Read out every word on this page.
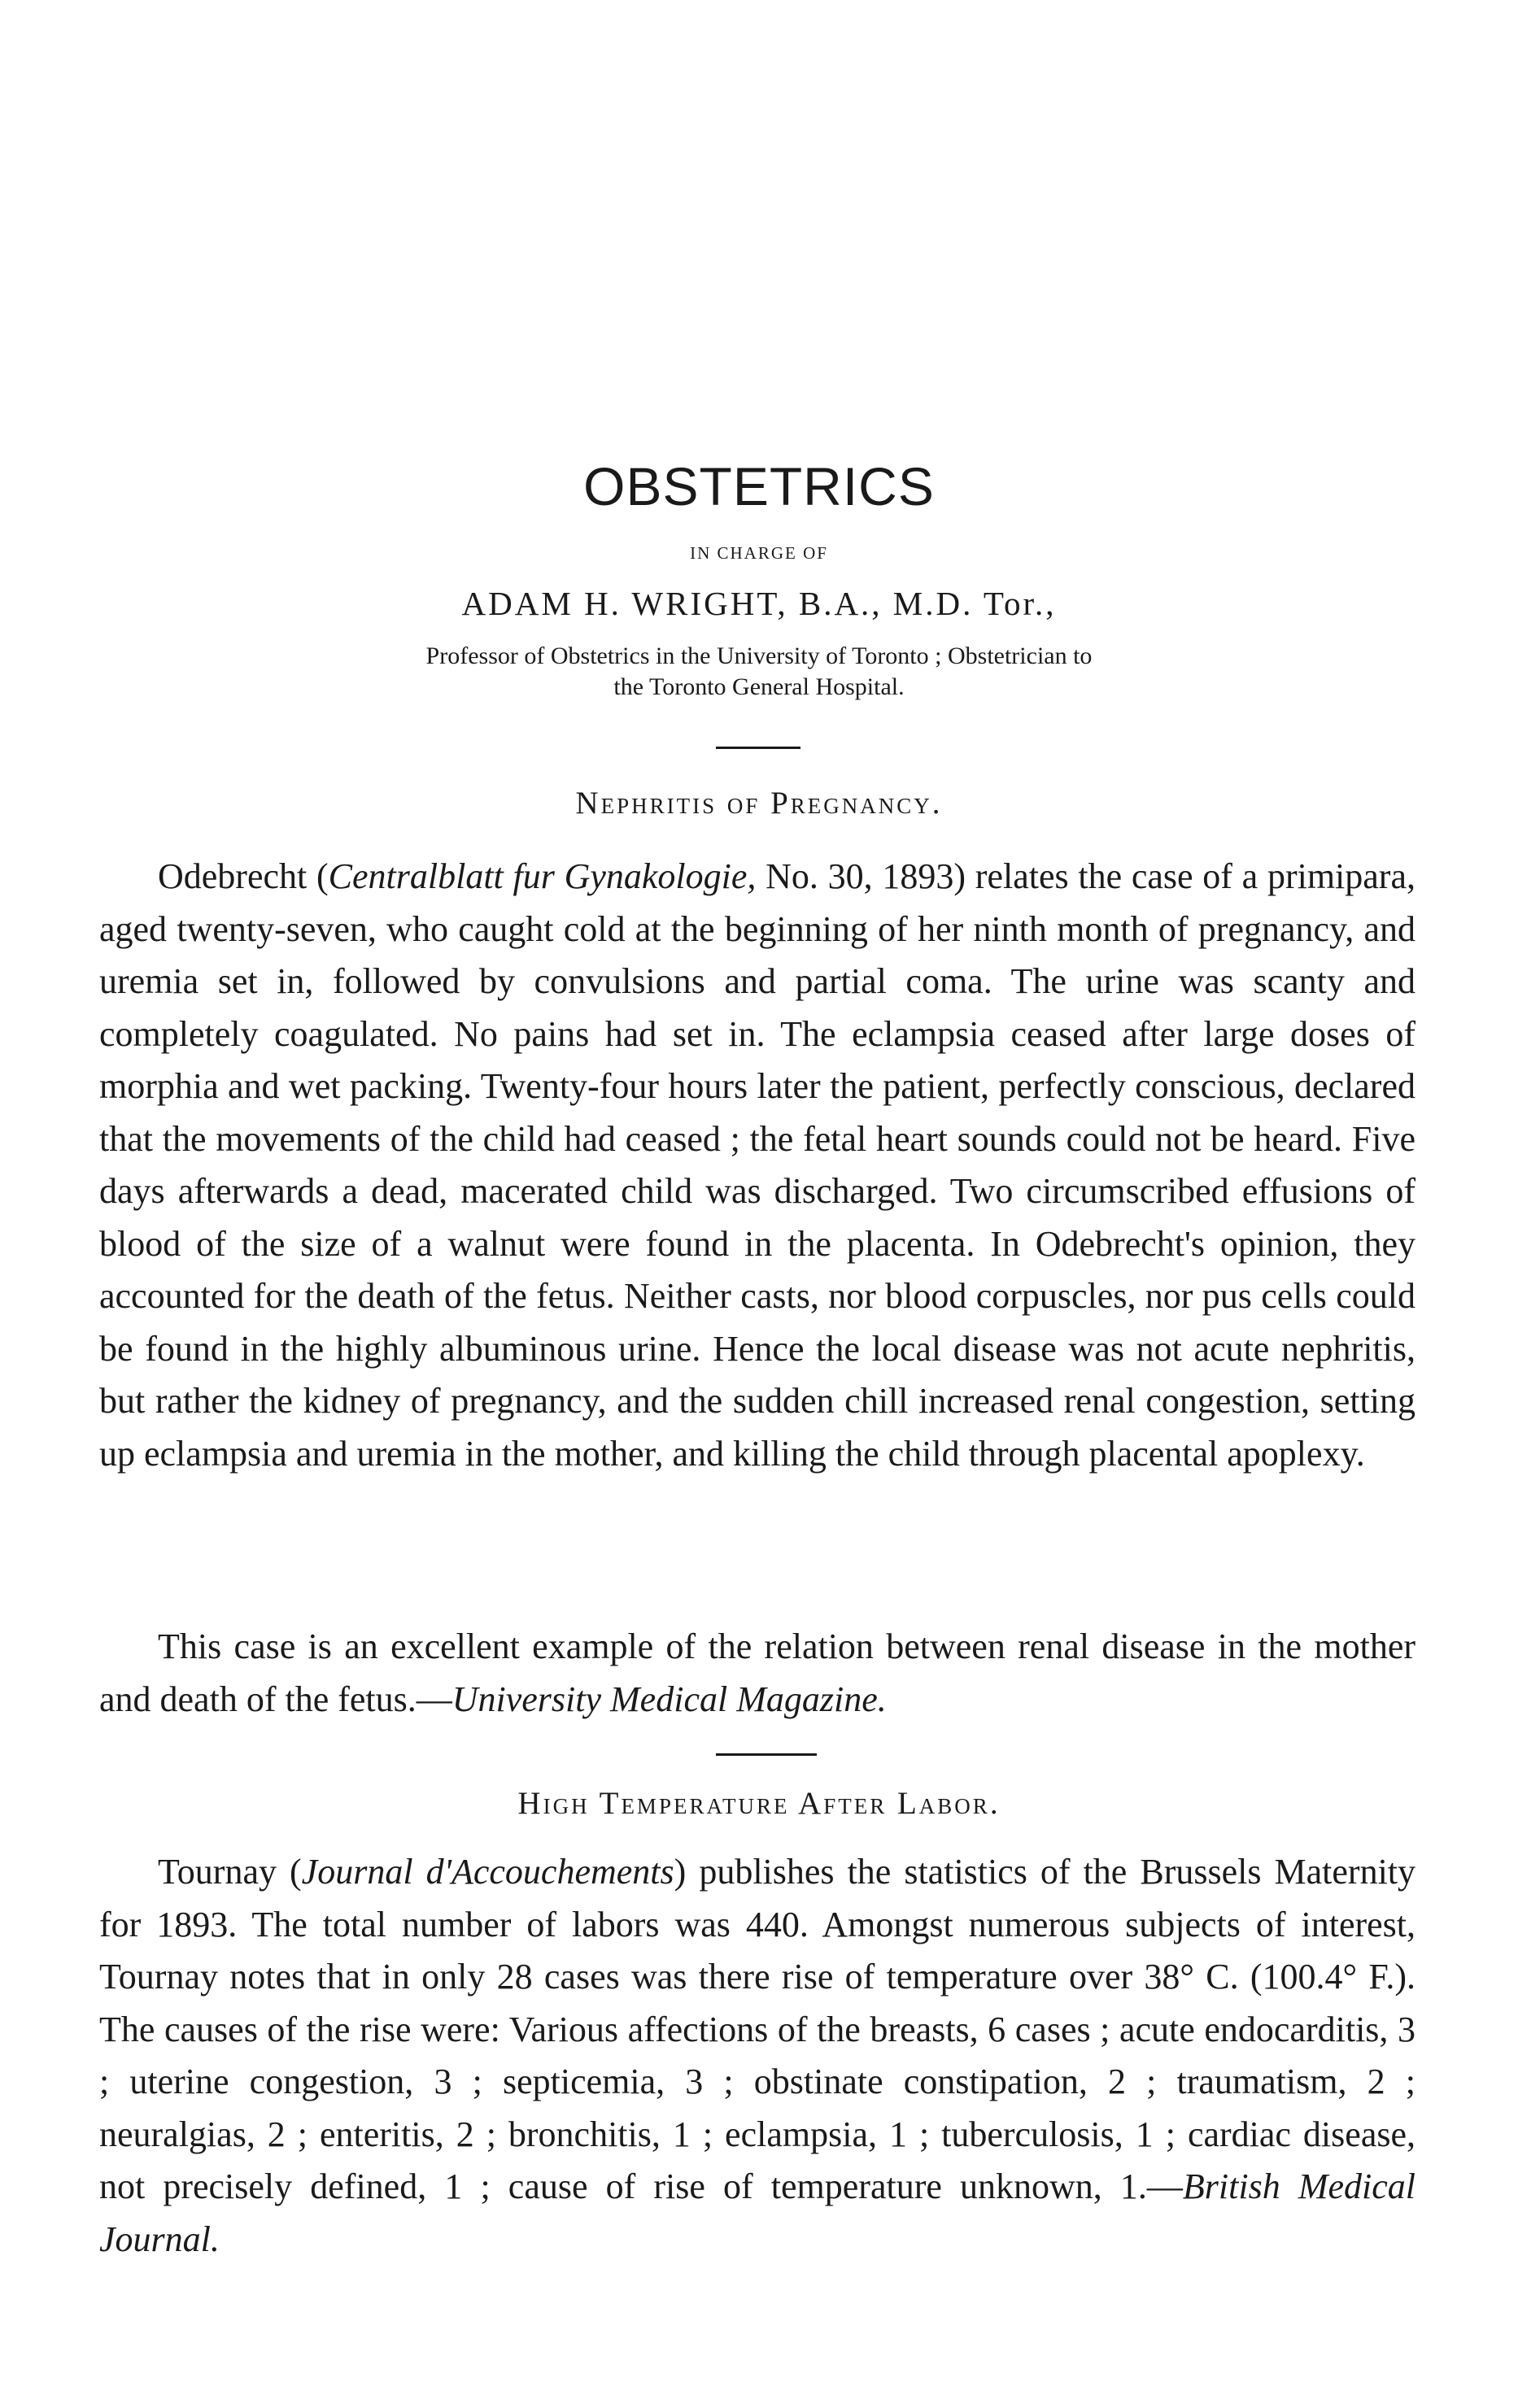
OBSTETRICS
IN CHARGE OF
ADAM H. WRIGHT, B.A., M.D. Tor.,
Professor of Obstetrics in the University of Toronto ; Obstetrician to
the Toronto General Hospital.
Nephritis of Pregnancy.

Odebrecht (Centralblatt fur Gynakologie, No. 30, 1893) relates the case of a primipara, aged twenty-seven, who caught cold at the beginning of her ninth month of pregnancy, and uremia set in, followed by convulsions and partial coma. The urine was scanty and completely coagulated. No pains had set in. The eclampsia ceased after large doses of morphia and wet packing. Twenty-four hours later the patient, perfectly conscious, declared that the movements of the child had ceased ; the fetal heart sounds could not be heard. Five days afterwards a dead, macerated child was discharged. Two circumscribed effusions of blood of the size of a walnut were found in the placenta. In Odebrecht's opinion, they accounted for the death of the fetus. Neither casts, nor blood corpuscles, nor pus cells could be found in the highly albuminous urine. Hence the local disease was not acute nephritis, but rather the kidney of pregnancy, and the sudden chill increased renal congestion, setting up eclampsia and uremia in the mother, and killing the child through placental apoplexy.

This case is an excellent example of the relation between renal disease in the mother and death of the fetus.—University Medical Magazine.

High Temperature After Labor.

Tournay (Journal d'Accouchements) publishes the statistics of the Brussels Maternity for 1893. The total number of labors was 440. Amongst numerous subjects of interest, Tournay notes that in only 28 cases was there rise of temperature over 38° C. (100.4° F.). The causes of the rise were: Various affections of the breasts, 6 cases ; acute endocarditis, 3 ; uterine congestion, 3 ; septicemia, 3 ; obstinate constipation, 2 ; traumatism, 2 ; neuralgias, 2 ; enteritis, 2 ; bronchitis, 1 ; eclampsia, 1 ; tuberculosis, 1 ; cardiac disease, not precisely defined, 1 ; cause of rise of temperature unknown, 1.—British Medical Journal.
